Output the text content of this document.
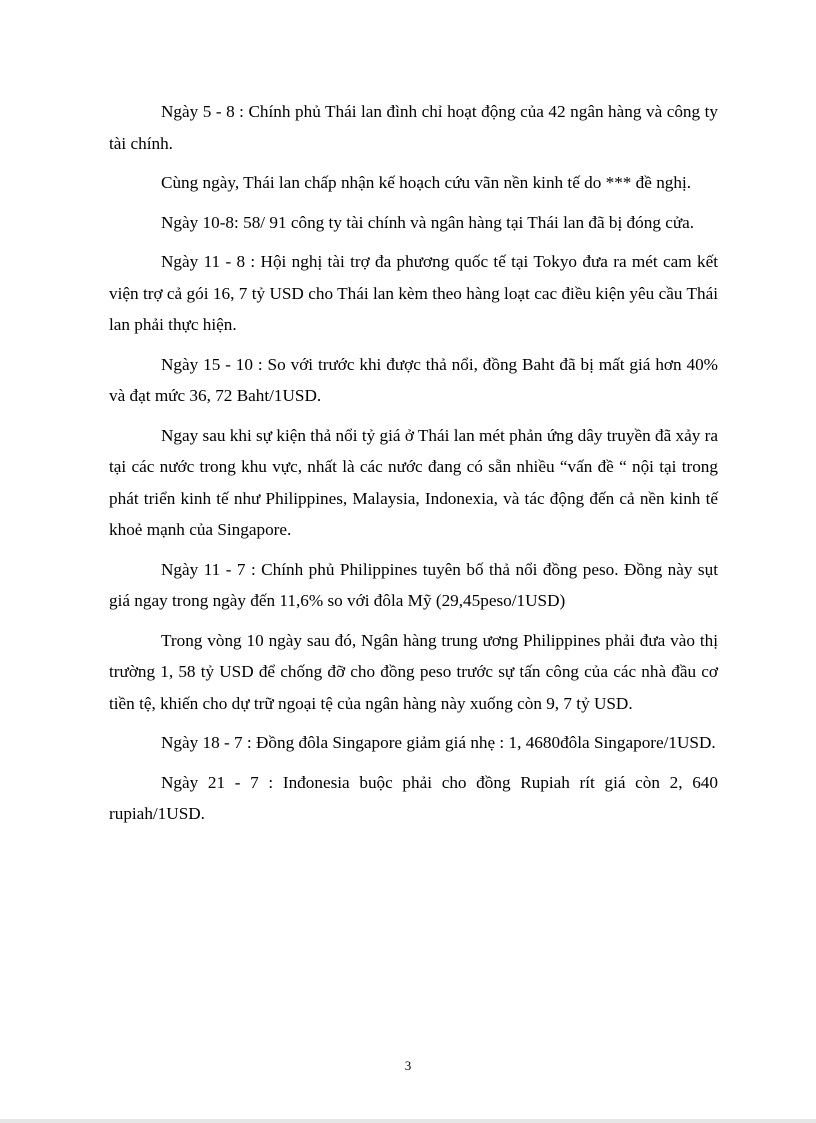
Ngày 5 - 8 : Chính phủ Thái lan đình chỉ hoạt động của 42 ngân hàng và công ty tài chính.

Cùng ngày, Thái lan chấp nhận kế hoạch cứu vãn nền kinh tế do *** đề nghị.

Ngày 10-8: 58/ 91 công ty tài chính và ngân hàng tại Thái lan đã bị đóng cửa.

Ngày 11 - 8 : Hội nghị tài trợ đa phương quốc tế tại Tokyo đưa ra mét cam kết viện trợ cả gói 16, 7 tỷ USD cho Thái lan kèm theo hàng loạt cac điều kiện yêu cầu Thái lan phải thực hiện.

Ngày 15 - 10 : So với trước khi được thả nổi, đồng Baht đã bị mất giá hơn 40% và đạt mức 36, 72 Baht/1USD.

Ngay sau khi sự kiện thả nổi tỷ giá ở Thái lan mét phản ứng dây truyền đã xảy ra tại các nước trong khu vực, nhất là các nước đang có sẵn nhiều “vấn đề “ nội tại trong phát triển kinh tế như Philippines, Malaysia, Indonexia, và tác động đến cả nền kinh tế khoẻ mạnh của Singapore.

Ngày 11 - 7 : Chính phủ Philippines tuyên bố thả nổi đồng peso. Đồng này sụt giá ngay trong ngày đến 11,6% so với đôla Mỹ (29,45peso/1USD)

Trong vòng 10 ngày sau đó, Ngân hàng trung ương Philippines phải đưa vào thị trường 1, 58 tỷ USD để chống đỡ cho đồng peso trước sự tấn công của các nhà đầu cơ tiền tệ, khiến cho dự trữ ngoại tệ của ngân hàng này xuống còn 9, 7 tỷ USD.

Ngày 18 - 7 : Đồng đôla Singapore giảm giá nhẹ : 1, 4680đôla Singapore/1USD.

Ngày 21 - 7 : Inđonesia buộc phải cho đồng Rupiah rít giá còn 2, 640 rupiah/1USD.

3
